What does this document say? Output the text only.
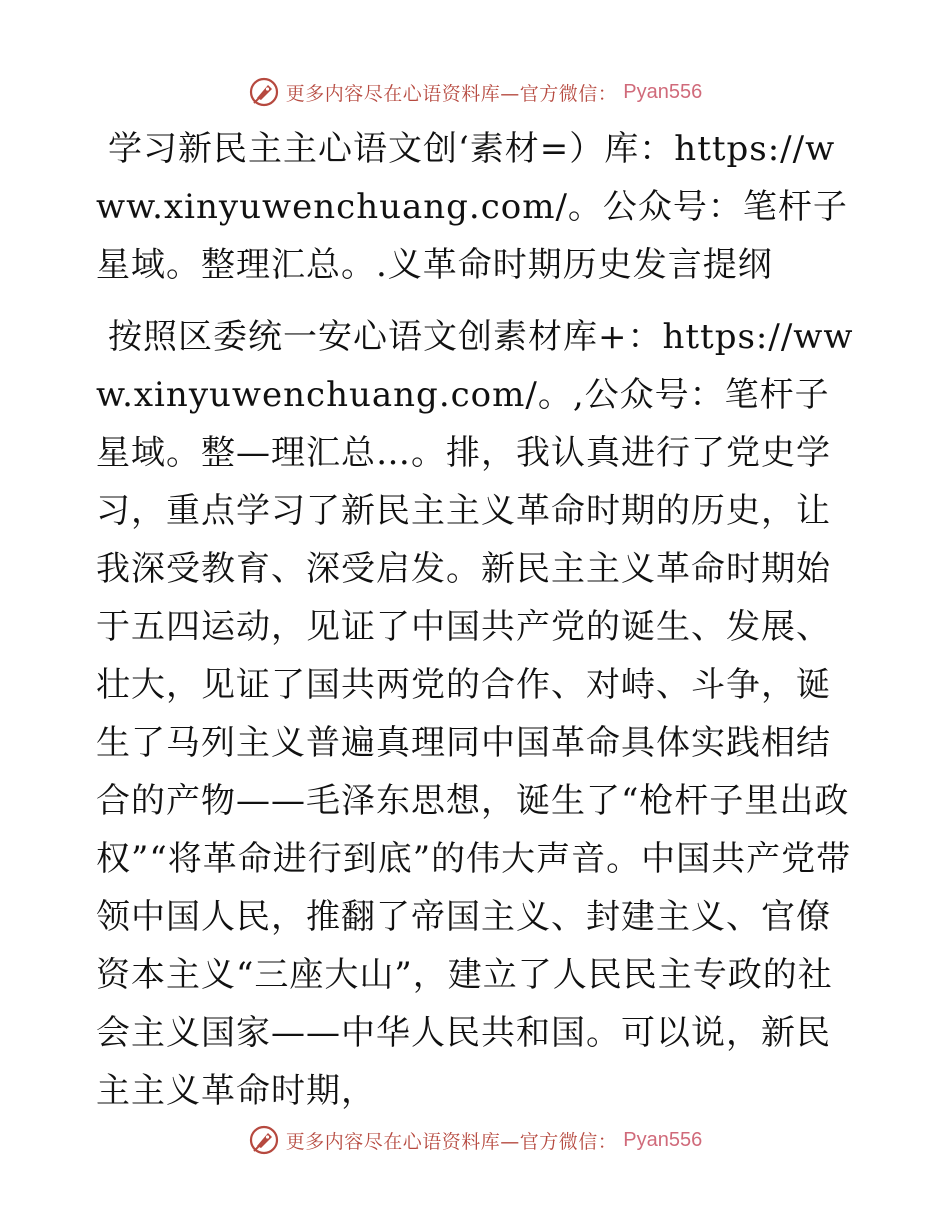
更多内容尽在心语资料库—官方微信： Pyan556

学习新民主主心语文创‘素材=）库：https://www.xinyuwenchuang.com/。公众号：笔杆子星域。整理汇总。.义革命时期历史发言提纲

按照区委统一安心语文创素材库+：https://www.xinyuwenchuang.com/。,公众号：笔杆子星域。整—理汇总…。排，我认真进行了党史学习，重点学习了新民主主义革命时期的历史，让我深受教育、深受启发。新民主主义革命时期始于五四运动，见证了中国共产党的诞生、发展、壮大，见证了国共两党的合作、对峙、斗争，诞生了马列主义普遍真理同中国革命具体实践相结合的产物——毛泽东思想，诞生了“枪杆子里出政权”“将革命进行到底”的伟大声音。中国共产党带领中国人民，推翻了帝国主义、封建主义、官僚资本主义“三座大山”，建立了人民民主专政的社会主义国家——中华人民共和国。可以说，新民主主义革命时期，

更多内容尽在心语资料库—官方微信： Pyan556
